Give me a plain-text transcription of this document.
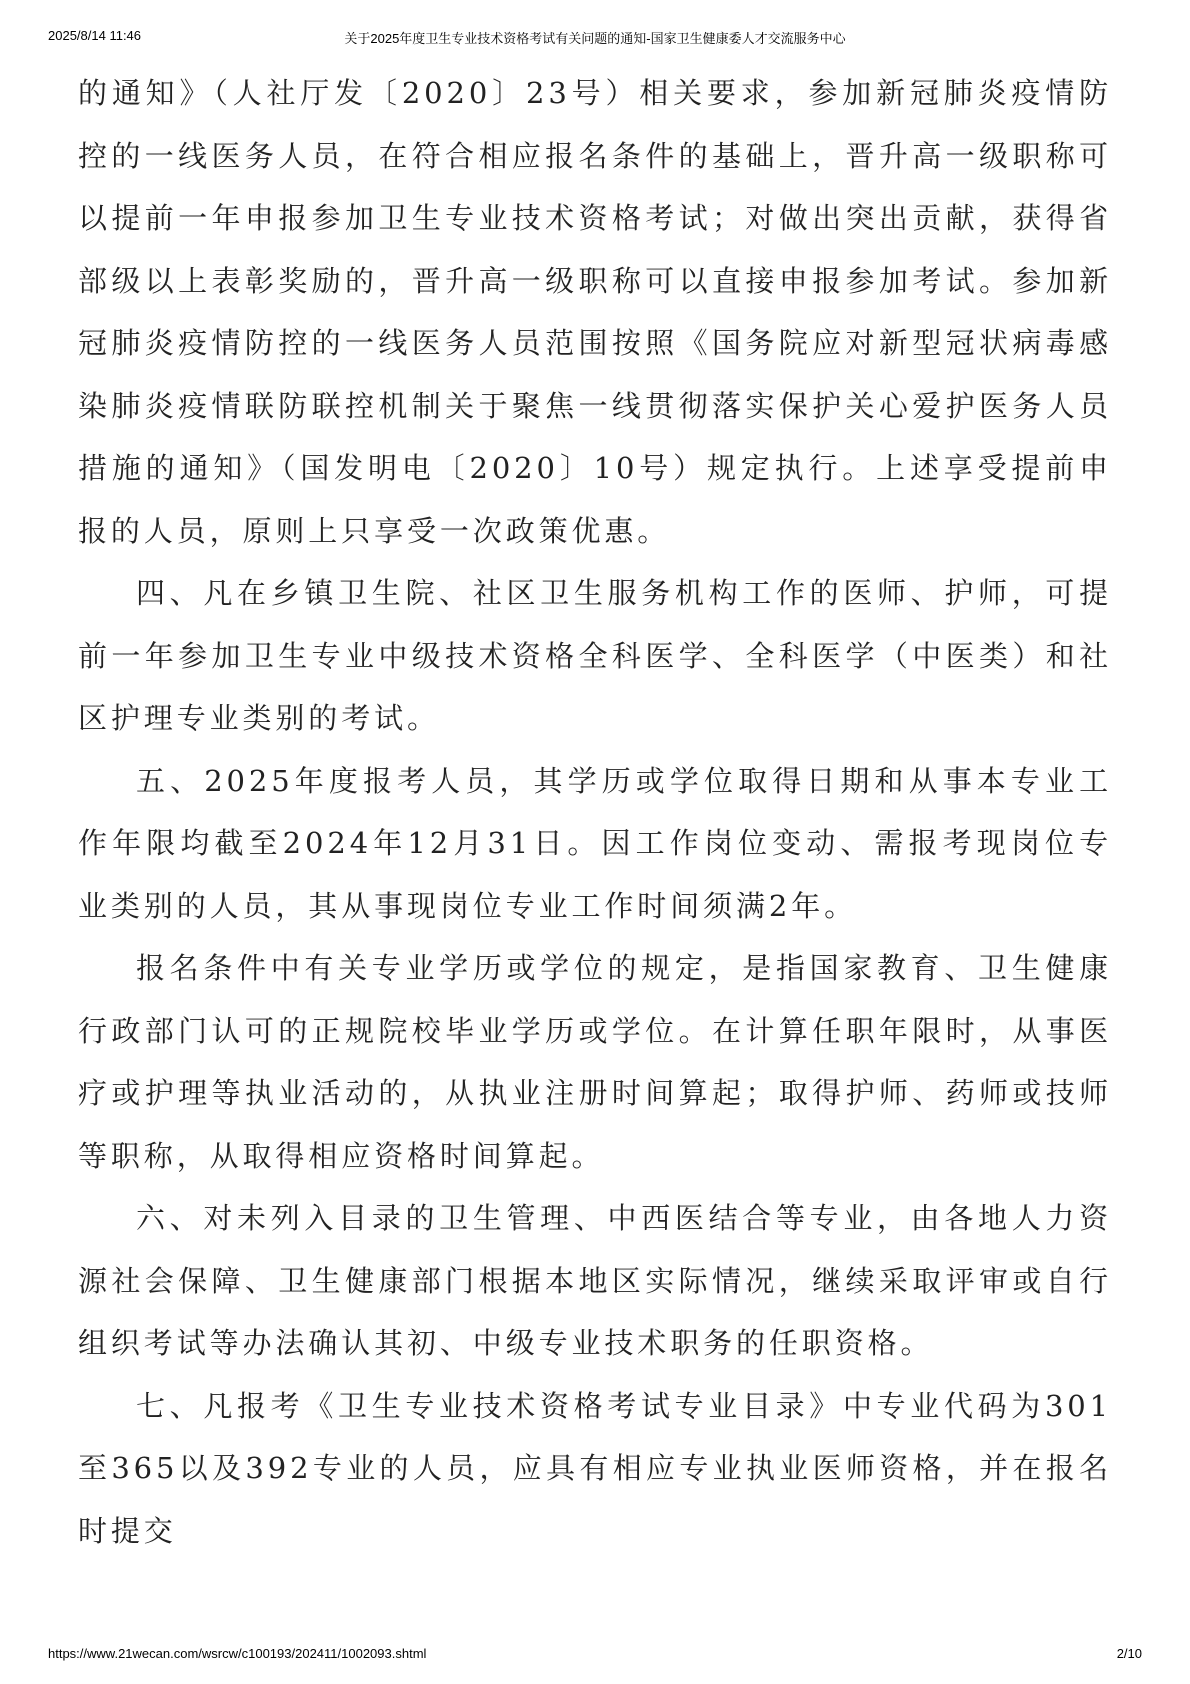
2025/8/14 11:46	关于2025年度卫生专业技术资格考试有关问题的通知-国家卫生健康委人才交流服务中心

的通知》（人社厅发〔2020〕23号）相关要求，参加新冠肺炎疫情防控的一线医务人员，在符合相应报名条件的基础上，晋升高一级职称可以提前一年申报参加卫生专业技术资格考试；对做出突出贡献，获得省部级以上表彰奖励的，晋升高一级职称可以直接申报参加考试。参加新冠肺炎疫情防控的一线医务人员范围按照《国务院应对新型冠状病毒感染肺炎疫情联防联控机制关于聚焦一线贯彻落实保护关心爱护医务人员措施的通知》（国发明电〔2020〕10号）规定执行。上述享受提前申报的人员，原则上只享受一次政策优惠。

四、凡在乡镇卫生院、社区卫生服务机构工作的医师、护师，可提前一年参加卫生专业中级技术资格全科医学、全科医学（中医类）和社区护理专业类别的考试。

五、2025年度报考人员，其学历或学位取得日期和从事本专业工作年限均截至2024年12月31日。因工作岗位变动、需报考现岗位专业类别的人员，其从事现岗位专业工作时间须满2年。

报名条件中有关专业学历或学位的规定，是指国家教育、卫生健康行政部门认可的正规院校毕业学历或学位。在计算任职年限时，从事医疗或护理等执业活动的，从执业注册时间算起；取得护师、药师或技师等职称，从取得相应资格时间算起。

六、对未列入目录的卫生管理、中西医结合等专业，由各地人力资源社会保障、卫生健康部门根据本地区实际情况，继续采取评审或自行组织考试等办法确认其初、中级专业技术职务的任职资格。

七、凡报考《卫生专业技术资格考试专业目录》中专业代码为301至365以及392专业的人员，应具有相应专业执业医师资格，并在报名时提交

https://www.21wecan.com/wsrcw/c100193/202411/1002093.shtml	2/10
